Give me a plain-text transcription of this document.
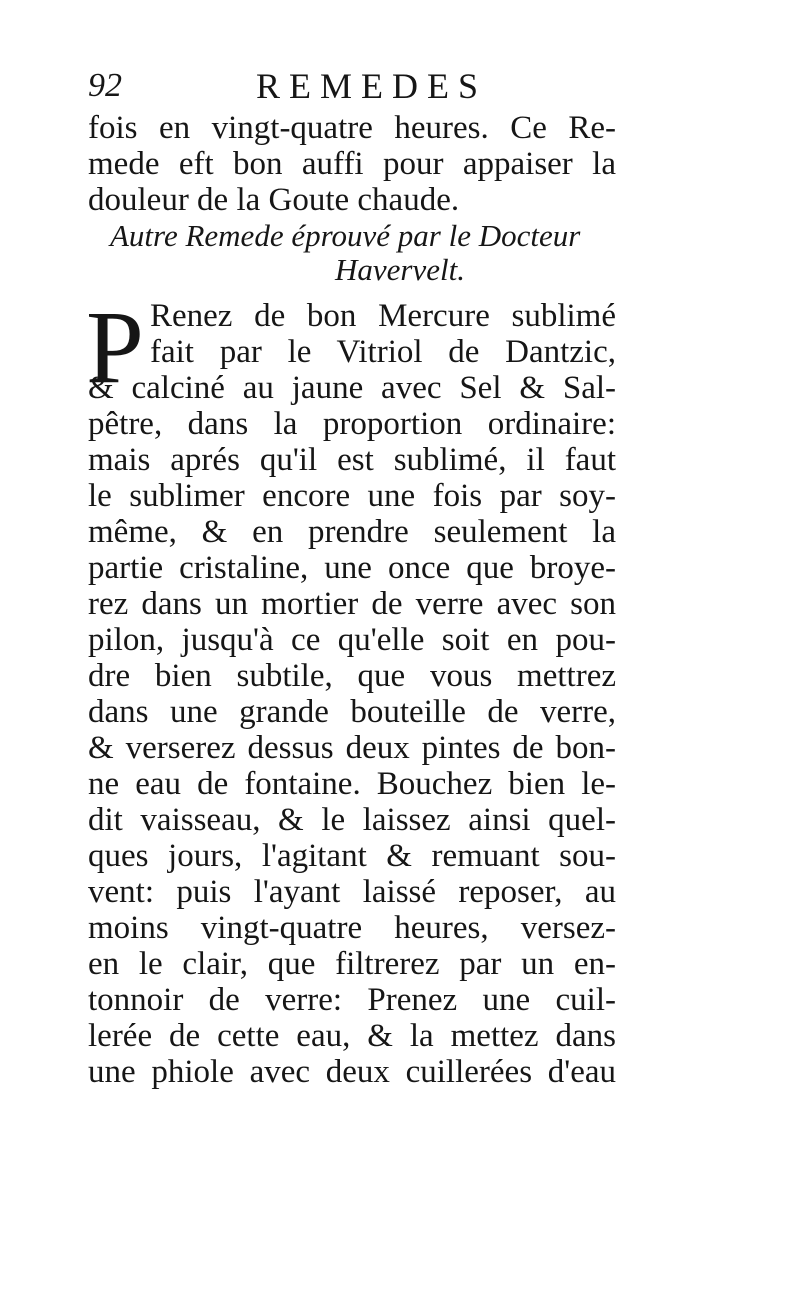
92	REMEDES
fois en vingt-quatre heures. Ce Re-
mede eft bon auffi pour appaiser la
douleur de la Goute chaude.
Autre Remede éprouvé par le Docteur
Havervelt.
P Renez de bon Mercure sublimé
fait par le Vitriol de Dantzic,
& calciné au jaune avec Sel & Sal-
pêtre, dans la proportion ordinaire:
mais aprés qu'il est sublimé, il faut
le sublimer encore une fois par soy-
même, & en prendre seulement la
partie cristaline, une once que broye-
rez dans un mortier de verre avec son
pilon, jusqu'à ce qu'elle soit en pou-
dre bien subtile, que vous mettrez
dans une grande bouteille de verre,
& verserez dessus deux pintes de bon-
ne eau de fontaine. Bouchez bien le-
dit vaisseau, & le laissez ainsi quel-
ques jours, l'agitant & remuant sou-
vent: puis l'ayant laissé reposer, au
moins vingt-quatre heures, versez-
en le clair, que filtrerez par un en-
tonnoir de verre: Prenez une cuil-
lerée de cette eau, & la mettez dans
une phiole avec deux cuillerées d'eau
